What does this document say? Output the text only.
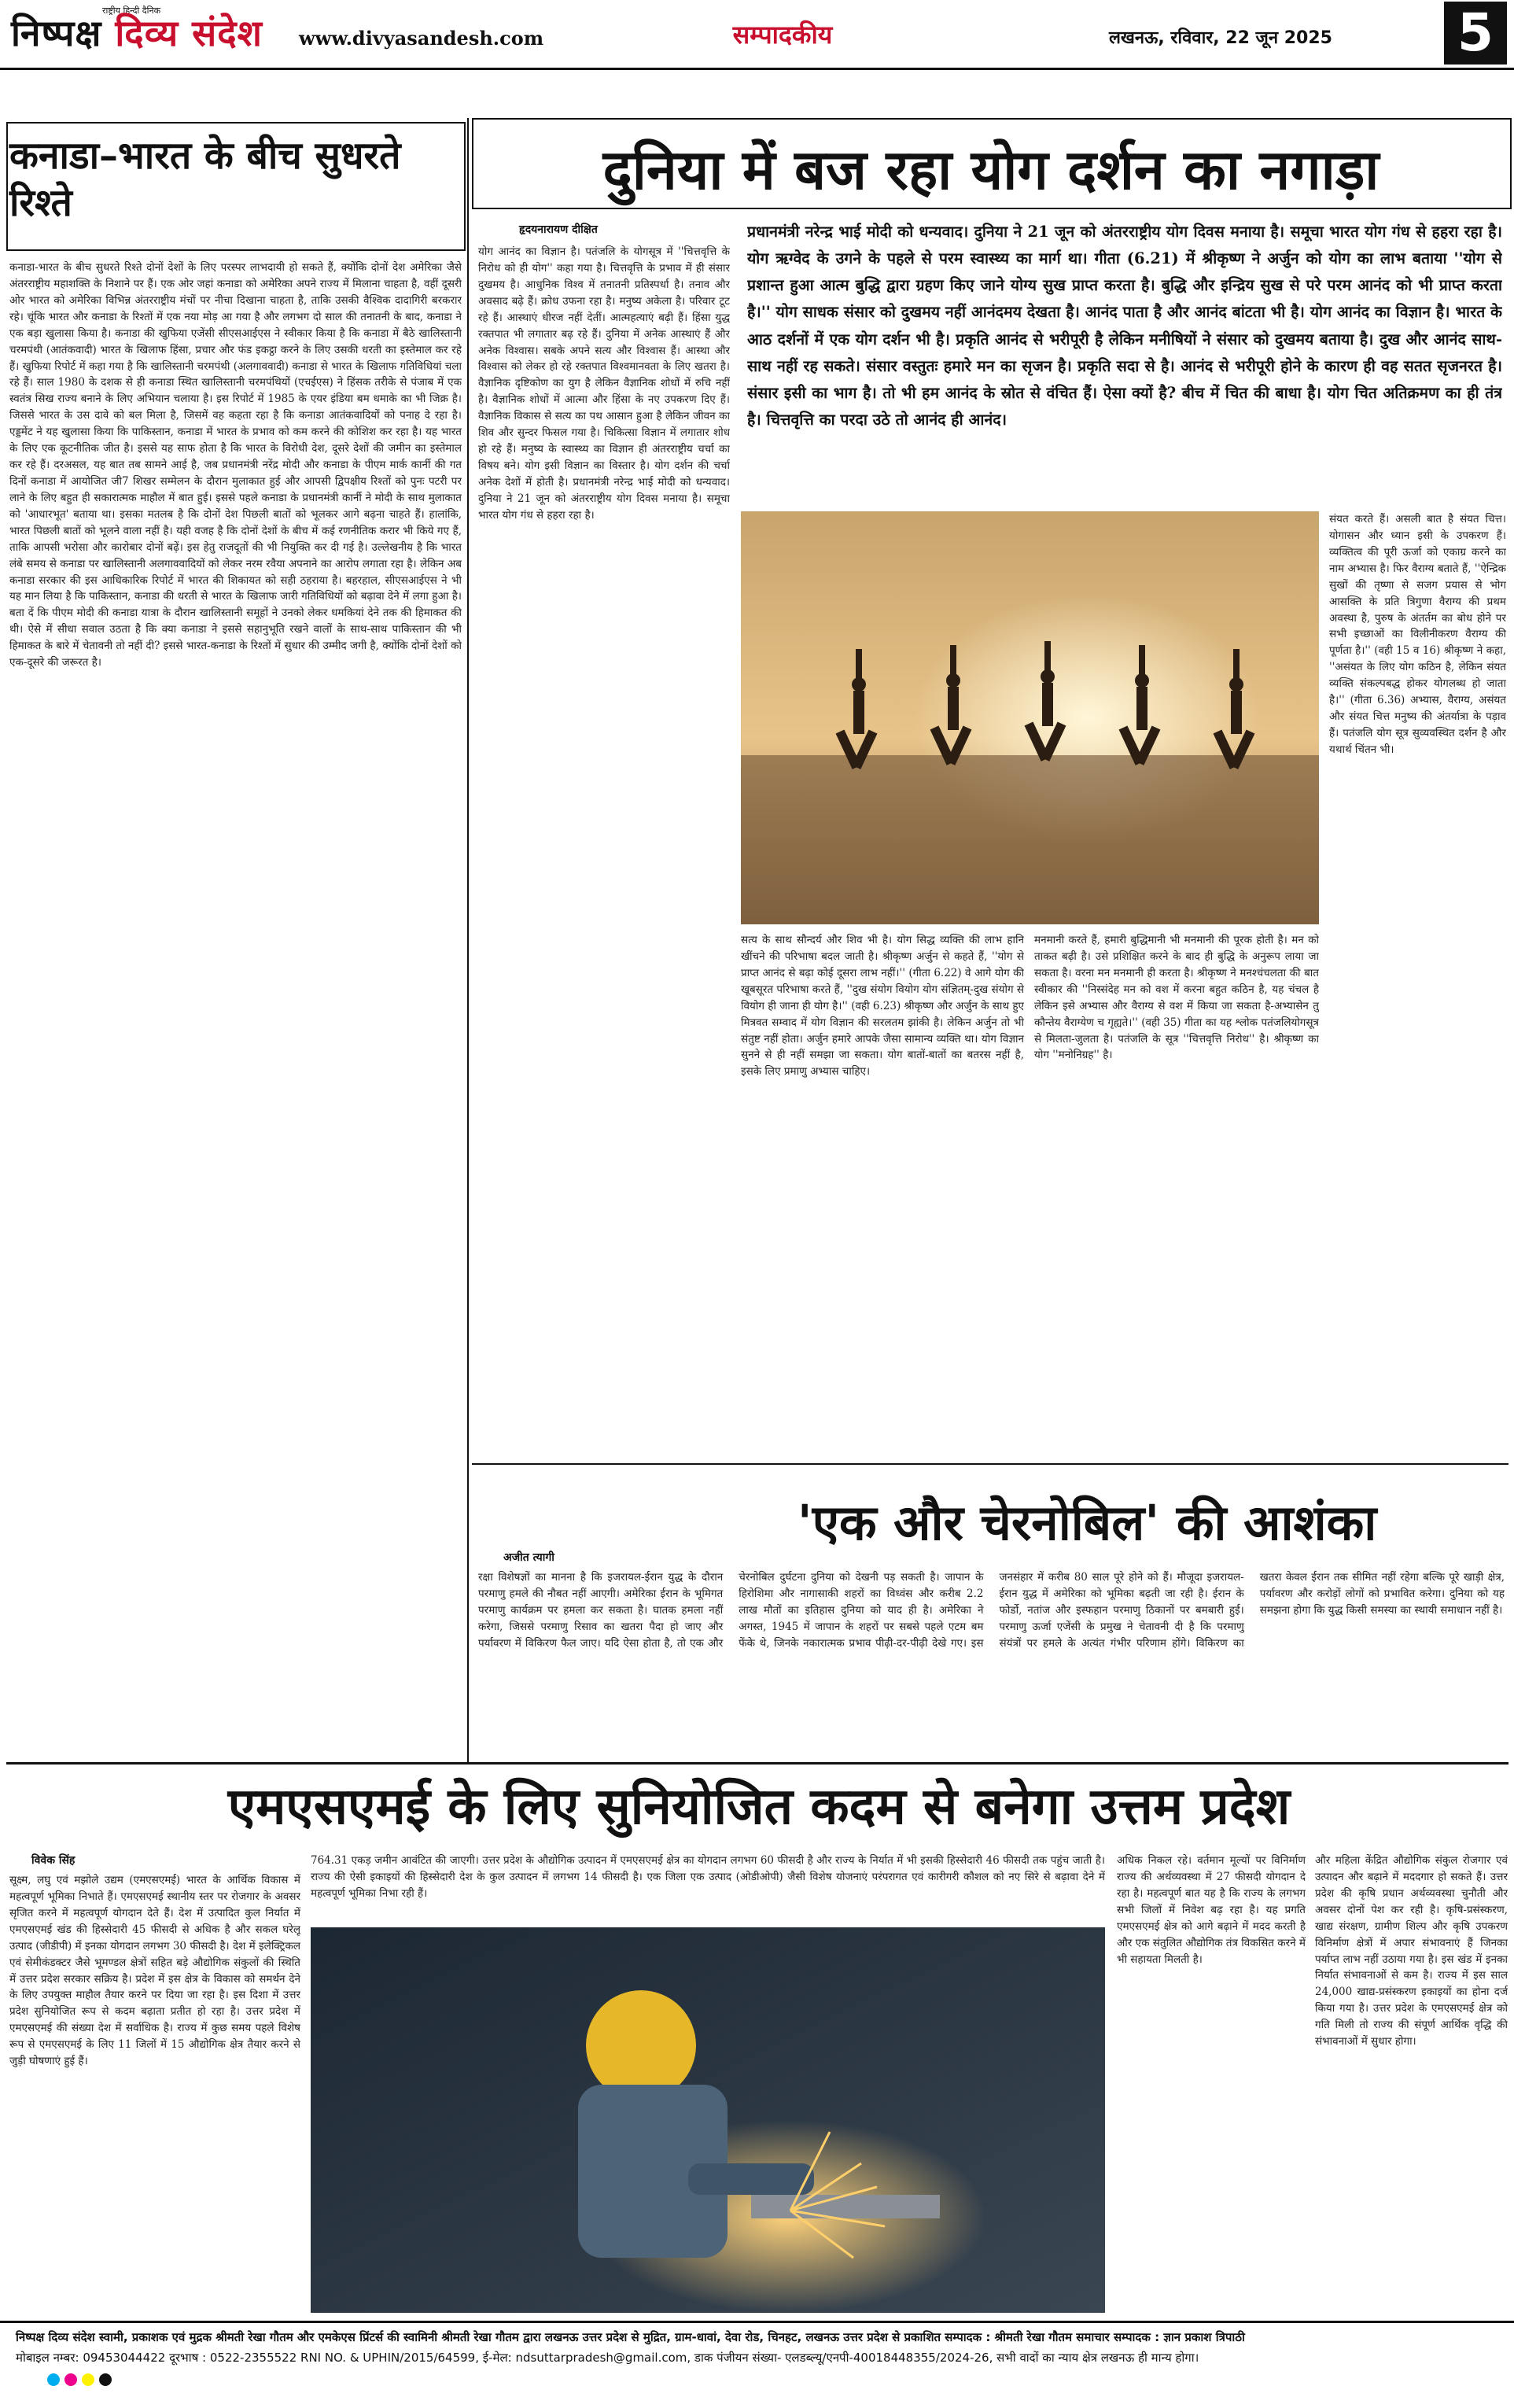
राष्ट्रीय हिन्दी दैनिक
निष्पक्ष दिव्य संदेश www.divyasandesh.com	सम्पादकीय	लखनऊ, रविवार, 22 जून 2025 5
कनाडा–भारत के बीच सुधरते रिश्ते
कनाडा-भारत के बीच सुधरते रिश्ते दोनों देशों के लिए परस्पर लाभदायी हो सकते हैं, क्योंकि दोनों देश अमेरिका जैसे अंतरराष्ट्रीय महाशक्ति के निशाने पर हैं। एक ओर जहां कनाडा को अमेरिका अपने राज्य में मिलाना चाहता है, वहीं दूसरी ओर भारत को अमेरिका विभिन्न अंतरराष्ट्रीय मंचों पर नीचा दिखाना चाहता है, ताकि उसकी वैश्विक दादागिरी बरकरार रहे। चूंकि भारत और कनाडा के रिश्तों में एक नया मोड़ आ गया है और लगभग दो साल की तनातनी के बाद, कनाडा ने एक बड़ा खुलासा किया है। कनाडा की खुफिया एजेंसी सीएसआईएस ने स्वीकार किया है कि कनाडा में बैठे खालिस्तानी चरमपंथी (आतंकवादी) भारत के खिलाफ हिंसा, प्रचार और फंड इकट्ठा करने के लिए उसकी धरती का इस्तेमाल कर रहे हैं। खुफिया रिपोर्ट में कहा गया है कि खालिस्तानी चरमपंथी (अलगाववादी) कनाडा से भारत के खिलाफ गतिविधियां चला रहे हैं। साल 1980 के दशक से ही कनाडा स्थित खालिस्तानी चरमपंथियों (एचईएस) ने हिंसक तरीके से पंजाब में एक स्वतंत्र सिख राज्य बनाने के लिए अभियान चलाया है। इस रिपोर्ट में 1985 के एयर इंडिया बम धमाके का भी जिक्र है। जिससे भारत के उस दावे को बल मिला है, जिसमें वह कहता रहा है कि कनाडा आतंकवादियों को पनाह दे रहा है। एड्डमेंट ने यह खुलासा किया कि पाकिस्तान, कनाडा में भारत के प्रभाव को कम करने की कोशिश कर रहा है। यह भारत के लिए एक कूटनीतिक जीत है। इससे यह साफ होता है कि भारत के विरोधी देश, दूसरे देशों की जमीन का इस्तेमाल कर रहे हैं। दरअसल, यह बात तब सामने आई है, जब प्रधानमंत्री नरेंद्र मोदी और कनाडा के पीएम मार्क कार्नी की गत दिनों कनाडा में आयोजित जी7 शिखर सम्मेलन के दौरान मुलाकात हुई और आपसी द्विपक्षीय रिश्तों को पुनः पटरी पर लाने के लिए बहुत ही सकारात्मक माहौल में बात हुई। इससे पहले कनाडा के प्रधानमंत्री कार्नी ने मोदी के साथ मुलाकात को 'आधारभूत' बताया था। इसका मतलब है कि दोनों देश पिछली बातों को भूलकर आगे बढ़ना चाहते हैं। हालांकि, भारत पिछली बातों को भूलने वाला नहीं है। यही वजह है कि दोनों देशों के बीच में कई रणनीतिक करार भी किये गए हैं, ताकि आपसी भरोसा और कारोबार दोनों बढ़ें। इस हेतु राजदूतों की भी नियुक्ति कर दी गई है। उल्लेखनीय है कि भारत लंबे समय से कनाडा पर खालिस्तानी अलगाववादियों को लेकर नरम रवैया अपनाने का आरोप लगाता रहा है। लेकिन अब कनाडा सरकार की इस आधिकारिक रिपोर्ट में भारत की शिकायत को सही ठहराया है। बहरहाल, सीएसआईएस ने भी यह मान लिया है कि पाकिस्तान, कनाडा की धरती से भारत के खिलाफ जारी गतिविधियों को बढ़ावा देने में लगा हुआ है। बता दें कि पीएम मोदी की कनाडा यात्रा के दौरान खालिस्तानी समूहों ने उनको लेकर धमकियां देने तक की हिमाकत की थी। ऐसे में सीधा सवाल उठता है कि क्या कनाडा ने इससे सहानुभूति रखने वालों के साथ-साथ पाकिस्तान की भी हिमाकत के बारे में चेतावनी तो नहीं दी? इससे भारत-कनाडा के रिश्तों में सुधार की उम्मीद जगी है, क्योंकि दोनों देशों को एक-दूसरे की जरूरत है।
दुनिया में बज रहा योग दर्शन का नगाड़ा
हृदयनारायण दीक्षित
योग आनंद का विज्ञान है। पतंजलि के योगसूत्र में ''चित्तवृत्ति के निरोध को ही योग'' कहा गया है। चित्तवृत्ति के प्रभाव में ही संसार दुखमय है। आधुनिक विश्व में तनातनी प्रतिस्पर्धा है। तनाव और अवसाद बढ़े हैं। क्रोध उफना रहा है। मनुष्य अकेला है। परिवार टूट रहे हैं। आस्थाएं धीरज नहीं देतीं। आत्महत्याएं बढ़ी हैं। हिंसा युद्ध रक्तपात भी लगातार बढ़ रहे हैं। दुनिया में अनेक आस्थाएं हैं और अनेक विश्वास। सबके अपने सत्य और विश्वास हैं। आस्था और विश्वास को लेकर हो रहे रक्तपात विश्वमानवता के लिए खतरा है। वैज्ञानिक दृष्टिकोण का युग है लेकिन वैज्ञानिक शोधों में रुचि नहीं है। वैज्ञानिक शोधों में आत्मा और हिंसा के नए उपकरण दिए हैं। वैज्ञानिक विकास से सत्य का पथ आसान हुआ है लेकिन जीवन का शिव और सुन्दर फिसल गया है। चिकित्सा विज्ञान में लगातार शोध हो रहे हैं। मनुष्य के स्वास्थ्य का विज्ञान ही अंतरराष्ट्रीय चर्चा का विषय बने। योग इसी विज्ञान का विस्तार है। योग दर्शन की चर्चा अनेक देशों में होती है। प्रधानमंत्री नरेन्द्र भाई मोदी को धन्यवाद। दुनिया ने 21 जून को अंतरराष्ट्रीय योग दिवस मनाया है। समूचा भारत योग गंध से हहरा रहा है।
प्रधानमंत्री नरेन्द्र भाई मोदी को धन्यवाद। दुनिया ने 21 जून को अंतरराष्ट्रीय योग दिवस मनाया है। समूचा भारत योग गंध से हहरा रहा है। योग ऋग्वेद के उगने के पहले से परम स्वास्थ्य का मार्ग था। गीता (6.21) में श्रीकृष्ण ने अर्जुन को योग का लाभ बताया ''योग से प्रशान्त हुआ आत्म बुद्धि द्वारा ग्रहण किए जाने योग्य सुख प्राप्त करता है। बुद्धि और इन्द्रिय सुख से परे परम आनंद को भी प्राप्त करता है।'' योग साधक संसार को दुखमय नहीं आनंदमय देखता है। आनंद पाता है और आनंद बांटता भी है। योग आनंद का विज्ञान है। भारत के आठ दर्शनों में एक योग दर्शन भी है। प्रकृति आनंद से भरीपूरी है लेकिन मनीषियों ने संसार को दुखमय बताया है। दुख और आनंद साथ-साथ नहीं रह सकते। संसार वस्तुतः हमारे मन का सृजन है। प्रकृति सदा से है। आनंद से भरीपूरी होने के कारण ही वह सतत सृजनरत है। संसार इसी का भाग है। तो भी हम आनंद के स्रोत से वंचित हैं। ऐसा क्यों है? बीच में चित की बाधा है। योग चित अतिक्रमण का ही तंत्र है। चित्तवृत्ति का परदा उठे तो आनंद ही आनंद।
संयत करते हैं। असली बात है संयत चित्त। योगासन और ध्यान इसी के उपकरण हैं। व्यक्तित्व की पूरी ऊर्जा को एकाग्र करने का नाम अभ्यास है। फिर वैराग्य बताते हैं, ''ऐन्द्रिक सुखों की तृष्णा से सजग प्रयास से भोग आसक्ति के प्रति त्रिगुणा वैराग्य की प्रथम अवस्था है, पुरुष के अंतर्तम का बोध होने पर सभी इच्छाओं का विलीनीकरण वैराग्य की पूर्णता है।'' (वही 15 व 16) श्रीकृष्ण ने कहा, ''असंयत के लिए योग कठिन है, लेकिन संयत व्यक्ति संकल्पबद्ध होकर योगलब्ध हो जाता है।'' (गीता 6.36) अभ्यास, वैराग्य, असंयत और संयत चित्त मनुष्य की अंतर्यात्रा के पड़ाव हैं। पतंजलि योग सूत्र सुव्यवस्थित दर्शन है और यथार्थ चिंतन भी।
सत्य के साथ सौन्दर्य और शिव भी है। योग सिद्ध व्यक्ति की लाभ हानि खींचने की परिभाषा बदल जाती है। श्रीकृष्ण अर्जुन से कहते हैं, ''योग से प्राप्त आनंद से बढ़ा कोई दूसरा लाभ नहीं।'' (गीता 6.22) वे आगे योग की खूबसूरत परिभाषा करते हैं, ''दुख संयोग वियोग योग संज्ञितम्-दुख संयोग से वियोग ही जाना ही योग है।'' (वही 6.23) श्रीकृष्ण और अर्जुन के साथ हुए मित्रवत सम्वाद में योग विज्ञान की सरलतम झांकी है। लेकिन अर्जुन तो भी संतुष्ट नहीं होता। अर्जुन हमारे आपके जैसा सामान्य व्यक्ति था। योग विज्ञान सुनने से ही नहीं समझा जा सकता। योग बातों-बातों का बतरस नहीं है, इसके लिए प्रमाणु अभ्यास चाहिए।
मनमानी करते हैं, हमारी बुद्धिमानी भी मनमानी की पूरक होती है। मन को ताकत बढ़ी है। उसे प्रशिक्षित करने के बाद ही बुद्धि के अनुरूप लाया जा सकता है। वरना मन मनमानी ही करता है। श्रीकृष्ण ने मनश्चंचलता की बात स्वीकार की ''निस्संदेह मन को वश में करना बहुत कठिन है, यह चंचल है लेकिन इसे अभ्यास और वैराग्य से वश में किया जा सकता है-अभ्यासेन तु कौन्तेय वैराग्येण च गृह्यते।'' (वही 35) गीता का यह श्लोक पतंजलियोगसूत्र से मिलता-जुलता है। पतंजलि के सूत्र ''चित्तवृत्ति निरोध'' है। श्रीकृष्ण का योग ''मनोनिग्रह'' है।
'एक और चेरनोबिल' की आशंका
अजीत त्यागी
रक्षा विशेषज्ञों का मानना है कि इजरायल-ईरान युद्ध के दौरान परमाणु हमले की नौबत नहीं आएगी। अमेरिका ईरान के भूमिगत परमाणु कार्यक्रम पर हमला कर सकता है। घातक हमला नहीं करेगा, जिससे परमाणु रिसाव का खतरा पैदा हो जाए और पर्यावरण में विकिरण फैल जाए। यदि ऐसा होता है, तो एक और चेरनोबिल दुर्घटना दुनिया को देखनी पड़ सकती है। जापान के हिरोशिमा और नागासाकी शहरों का विध्वंस और करीब 2.2 लाख मौतों का इतिहास दुनिया को याद ही है। अमेरिका ने अगस्त, 1945 में जापान के शहरों पर सबसे पहले एटम बम फेंके थे, जिनके नकारात्मक प्रभाव पीढ़ी-दर-पीढ़ी देखे गए। इस जनसंहार में करीब 80 साल पूरे होने को हैं। मौजूदा इजरायल-ईरान युद्ध में अमेरिका को भूमिका बढ़ती जा रही है। ईरान के फोर्डो, नतांज और इस्फहान परमाणु ठिकानों पर बमबारी हुई। परमाणु ऊर्जा एजेंसी के प्रमुख ने चेतावनी दी है कि परमाणु संयंत्रों पर हमले के अत्यंत गंभीर परिणाम होंगे। विकिरण का खतरा केवल ईरान तक सीमित नहीं रहेगा बल्कि पूरे खाड़ी क्षेत्र, पर्यावरण और करोड़ों लोगों को प्रभावित करेगा। दुनिया को यह समझना होगा कि युद्ध किसी समस्या का स्थायी समाधान नहीं है।
एमएसएमई के लिए सुनियोजित कदम से बनेगा उत्तम प्रदेश
विवेक सिंह
सूक्ष्म, लघु एवं मझोले उद्यम (एमएसएमई) भारत के आर्थिक विकास में महत्वपूर्ण भूमिका निभाते हैं। एमएसएमई स्थानीय स्तर पर रोजगार के अवसर सृजित करने में महत्वपूर्ण योगदान देते हैं। देश में उत्पादित कुल निर्यात में एमएसएमई खंड की हिस्सेदारी 45 फीसदी से अधिक है और सकल घरेलू उत्पाद (जीडीपी) में इनका योगदान लगभग 30 फीसदी है। देश में इलेक्ट्रिकल एवं सेमीकंडक्टर जैसे भूमण्डल क्षेत्रों सहित बड़े औद्योगिक संकुलों की स्थिति में उत्तर प्रदेश सरकार सक्रिय है। प्रदेश में इस क्षेत्र के विकास को समर्थन देने के लिए उपयुक्त माहौल तैयार करने पर दिया जा रहा है। इस दिशा में उत्तर प्रदेश सुनियोजित रूप से कदम बढ़ाता प्रतीत हो रहा है। उत्तर प्रदेश में एमएसएमई की संख्या देश में सर्वाधिक है। राज्य में कुछ समय पहले विशेष रूप से एमएसएमई के लिए 11 जिलों में 15 औद्योगिक क्षेत्र तैयार करने से जुड़ी घोषणाएं हुई हैं।
अधिक निकल रहे। वर्तमान मूल्यों पर विनिर्माण राज्य की अर्थव्यवस्था में 27 फीसदी योगदान दे रहा है। महत्वपूर्ण बात यह है कि राज्य के लगभग सभी जिलों में निवेश बढ़ रहा है। यह प्रगति एमएसएमई क्षेत्र को आगे बढ़ाने में मदद करती है और एक संतुलित औद्योगिक तंत्र विकसित करने में भी सहायता मिलती है।
और महिला केंद्रित औद्योगिक संकुल रोजगार एवं उत्पादन और बढ़ाने में मददगार हो सकते हैं। उत्तर प्रदेश की कृषि प्रधान अर्थव्यवस्था चुनौती और अवसर दोनों पेश कर रही है। कृषि-प्रसंस्करण, खाद्य संरक्षण, ग्रामीण शिल्प और कृषि उपकरण विनिर्माण क्षेत्रों में अपार संभावनाएं हैं जिनका पर्याप्त लाभ नहीं उठाया गया है। इस खंड में इनका निर्यात संभावनाओं से कम है। राज्य में इस साल 24,000 खाद्य-प्रसंस्करण इकाइयों का होना दर्ज किया गया है। उत्तर प्रदेश के एमएसएमई क्षेत्र को गति मिली तो राज्य की संपूर्ण आर्थिक वृद्धि की संभावनाओं में सुधार होगा।
764.31 एकड़ जमीन आवंटित की जाएगी। उत्तर प्रदेश के औद्योगिक उत्पादन में एमएसएमई क्षेत्र का योगदान लगभग 60 फीसदी है और राज्य के निर्यात में भी इसकी हिस्सेदारी 46 फीसदी तक पहुंच जाती है। राज्य की ऐसी इकाइयों की हिस्सेदारी देश के कुल उत्पादन में लगभग 14 फीसदी है। एक जिला एक उत्पाद (ओडीओपी) जैसी विशेष योजनाएं परंपरागत एवं कारीगरी कौशल को नए सिरे से बढ़ावा देने में महत्वपूर्ण भूमिका निभा रही हैं।
निष्पक्ष दिव्य संदेश स्वामी, प्रकाशक एवं मुद्रक श्रीमती रेखा गौतम और एमकेएस प्रिंटर्स की स्वामिनी श्रीमती रेखा गौतम द्वारा लखनऊ उत्तर प्रदेश से मुद्रित, ग्राम-धावां, देवा रोड, चिनहट, लखनऊ उत्तर प्रदेश से प्रकाशित सम्पादक : श्रीमती रेखा गौतम समाचार सम्पादक : ज्ञान प्रकाश त्रिपाठी
मोबाइल नम्बर: 09453044422 दूरभाष : 0522-2355522 RNI NO. & UPHIN/2015/64599, ई-मेल: ndsuttarpradesh@gmail.com, डाक पंजीयन संख्या- एलडब्ल्यू/एनपी-40018448355/2024-26, सभी वादों का न्याय क्षेत्र लखनऊ ही मान्य होगा।
